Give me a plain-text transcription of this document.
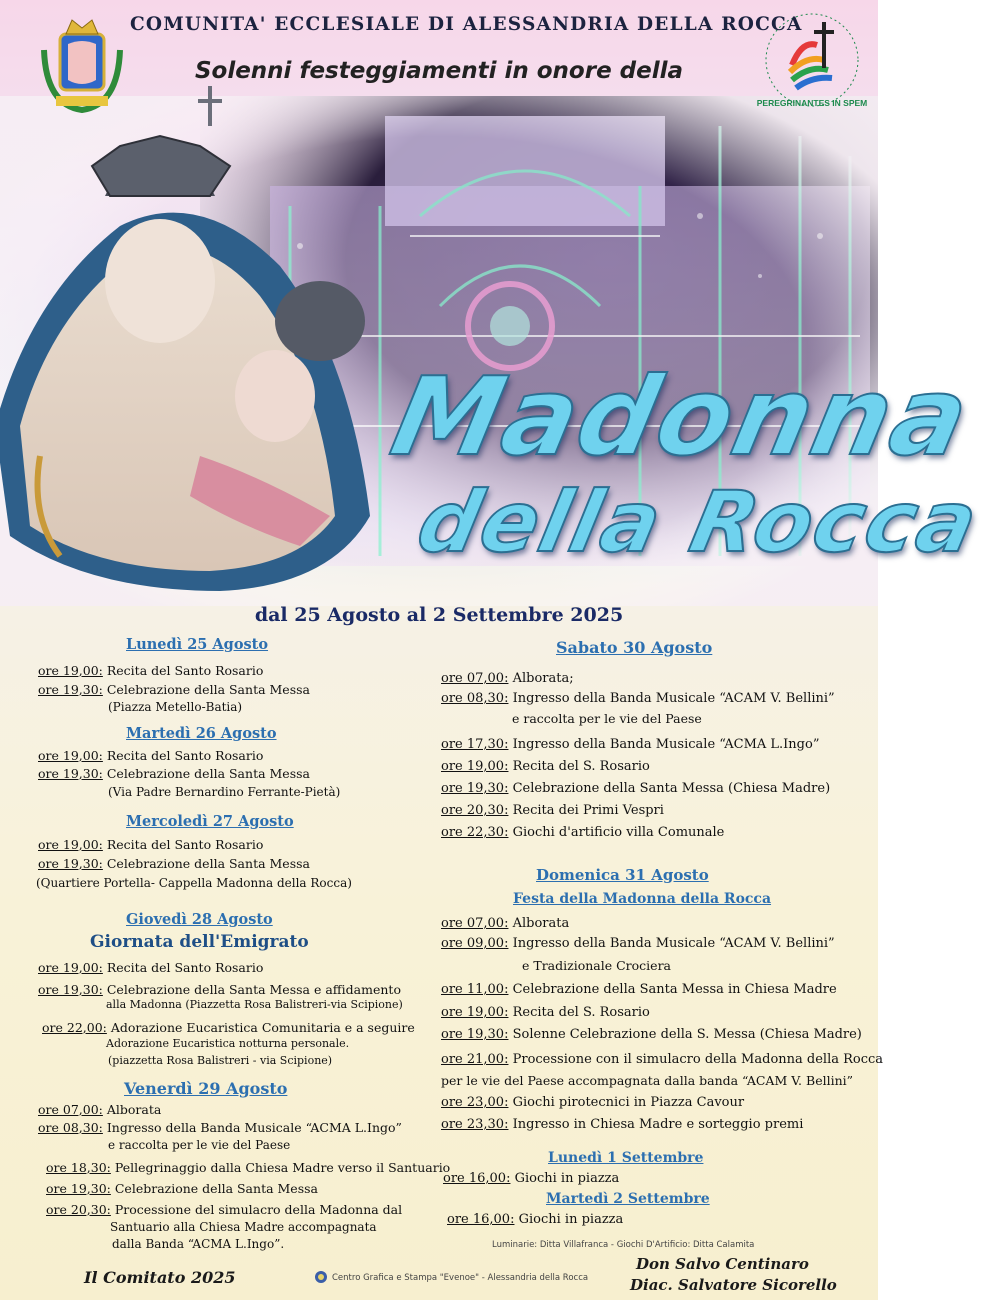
PEREGRINANTES IN SPEM
COMUNITA' ECCLESIALE DI ALESSANDRIA DELLA ROCCA
Solenni festeggiamenti in onore della
Madonna
della Rocca
dal 25 Agosto al 2 Settembre 2025
Lunedì 25 Agosto
ore 19,00: Recita del Santo Rosario
ore 19,30: Celebrazione della Santa Messa
(Piazza Metello-Batia)
Martedì 26 Agosto
ore 19,00: Recita del Santo Rosario
ore 19,30: Celebrazione della Santa Messa
(Via Padre Bernardino Ferrante-Pietà)
Mercoledì 27 Agosto
ore 19,00: Recita del Santo Rosario
ore 19,30: Celebrazione della Santa Messa
(Quartiere Portella- Cappella Madonna della Rocca)
Giovedì 28 Agosto
Giornata dell'Emigrato
ore 19,00: Recita del Santo Rosario
ore 19,30: Celebrazione della Santa Messa e affidamento
alla Madonna (Piazzetta Rosa Balistreri-via Scipione)
ore 22,00: Adorazione Eucaristica Comunitaria e a seguire
Adorazione Eucaristica notturna personale.
(piazzetta Rosa Balistreri - via Scipione)
Venerdì 29 Agosto
ore 07,00: Alborata
ore 08,30: Ingresso della Banda Musicale “ACMA L.Ingo”
e raccolta per le vie del Paese
ore 18,30: Pellegrinaggio dalla Chiesa Madre verso il Santuario
ore 19,30: Celebrazione della Santa Messa
ore 20,30: Processione del simulacro della Madonna dal
Santuario alla Chiesa Madre accompagnata
dalla Banda “ACMA L.Ingo”.
Sabato 30 Agosto
ore 07,00: Alborata;
ore 08,30: Ingresso della Banda Musicale “ACAM V. Bellini”
e raccolta per le vie del Paese
ore 17,30: Ingresso della Banda Musicale “ACMA L.Ingo”
ore 19,00: Recita del S. Rosario
ore 19,30: Celebrazione della Santa Messa (Chiesa Madre)
ore 20,30: Recita dei Primi Vespri
ore 22,30: Giochi d'artificio villa Comunale
Domenica 31 Agosto
Festa della Madonna della Rocca
ore 07,00: Alborata
ore 09,00: Ingresso della Banda Musicale “ACAM V. Bellini”
e Tradizionale Crociera
ore 11,00: Celebrazione della Santa Messa in Chiesa Madre
ore 19,00: Recita del S. Rosario
ore 19,30: Solenne Celebrazione della S. Messa (Chiesa Madre)
ore 21,00: Processione con il simulacro della Madonna della Rocca
per le vie del Paese accompagnata dalla banda “ACAM V. Bellini”
ore 23,00: Giochi pirotecnici in Piazza Cavour
ore 23,30: Ingresso in Chiesa Madre e sorteggio premi
Lunedì 1 Settembre
ore 16,00: Giochi in piazza
Martedì 2 Settembre
ore 16,00: Giochi in piazza
Luminarie: Ditta Villafranca - Giochi D'Artificio: Ditta Calamita
Il Comitato 2025	Centro Grafica e Stampa "Evenoe" - Alessandria della Rocca
Don Salvo Centinaro
Diac. Salvatore Sicorello
